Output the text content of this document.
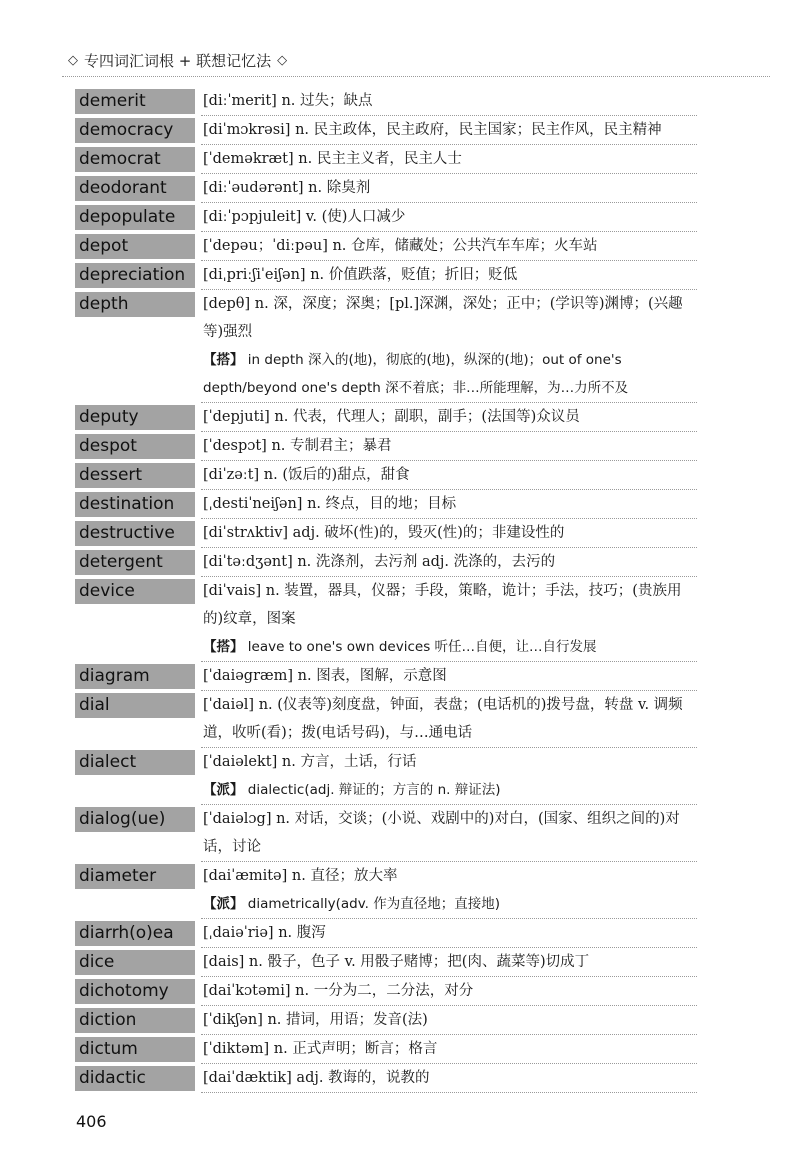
◇ 专四词汇词根 + 联想记忆法 ◇
demerit	[diːˈmerit] n. 过失；缺点
democracy	[diˈmɔkrəsi] n. 民主政体，民主政府，民主国家；民主作风，民主精神
democrat	[ˈdeməkræt] n. 民主主义者，民主人士
deodorant	[diːˈəudərənt] n. 除臭剂
depopulate	[diːˈpɔpjuleit] v. (使)人口减少
depot	[ˈdepəu；ˈdiːpəu] n. 仓库，储藏处；公共汽车车库；火车站
depreciation	[diˌpriːʃiˈeiʃən] n. 价值跌落，贬值；折旧；贬低
depth	[depθ] n. 深，深度；深奥；[pl.]深渊，深处；正中；(学识等)渊博；(兴趣等)强烈
【搭】 in depth 深入的(地)，彻底的(地)，纵深的(地)；out of one's depth/beyond one's depth 深不着底；非…所能理解，为…力所不及
deputy	[ˈdepjuti] n. 代表，代理人；副职，副手；(法国等)众议员
despot	[ˈdespɔt] n. 专制君主；暴君
dessert	[diˈzəːt] n. (饭后的)甜点，甜食
destination	[ˌdestiˈneiʃən] n. 终点，目的地；目标
destructive	[diˈstrʌktiv] adj. 破坏(性)的，毁灭(性)的；非建设性的
detergent	[diˈtəːdʒənt] n. 洗涤剂，去污剂 adj. 洗涤的，去污的
device	[diˈvais] n. 装置，器具，仪器；手段，策略，诡计；手法，技巧；(贵族用的)纹章，图案
【搭】 leave to one's own devices 听任…自便，让…自行发展
diagram	[ˈdaiəgræm] n. 图表，图解，示意图
dial	[ˈdaiəl] n. (仪表等)刻度盘，钟面，表盘；(电话机的)拨号盘，转盘 v. 调频道，收听(看)；拨(电话号码)，与…通电话
dialect	[ˈdaiəlekt] n. 方言，土话，行话
【派】 dialectic(adj. 辩证的；方言的 n. 辩证法)
dialog(ue)	[ˈdaiəlɔg] n. 对话，交谈；(小说、戏剧中的)对白，(国家、组织之间的)对话，讨论
diameter	[daiˈæmitə] n. 直径；放大率
【派】 diametrically(adv. 作为直径地；直接地)
diarrh(o)ea	[ˌdaiəˈriə] n. 腹泻
dice	[dais] n. 骰子，色子 v. 用骰子赌博；把(肉、蔬菜等)切成丁
dichotomy	[daiˈkɔtəmi] n. 一分为二，二分法，对分
diction	[ˈdikʃən] n. 措词，用语；发音(法)
dictum	[ˈdiktəm] n. 正式声明；断言；格言
didactic	[daiˈdæktik] adj. 教诲的，说教的
406
